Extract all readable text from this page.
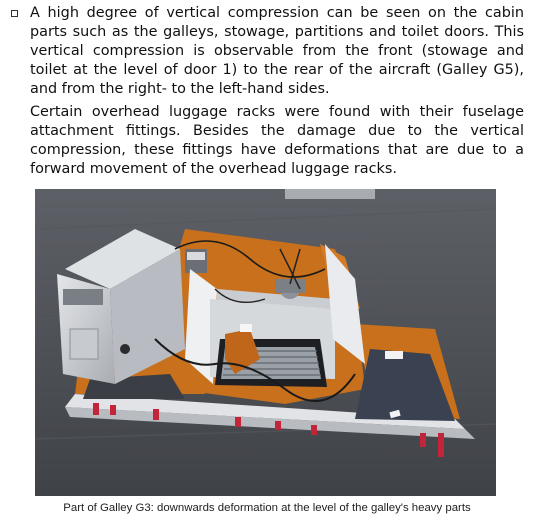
A high degree of vertical compression can be seen on the cabin parts such as the galleys, stowage, partitions and toilet doors. This vertical compression is observable from the front (stowage and toilet at the level of door 1) to the rear of the aircraft (Galley G5), and from the right- to the left-hand sides.

Certain overhead luggage racks were found with their fuselage attachment fittings. Besides the damage due to the vertical compression, these fittings have deformations that are due to a forward movement of the overhead luggage racks.

Part of Galley G3: downwards deformation at the level of the galley's heavy parts
